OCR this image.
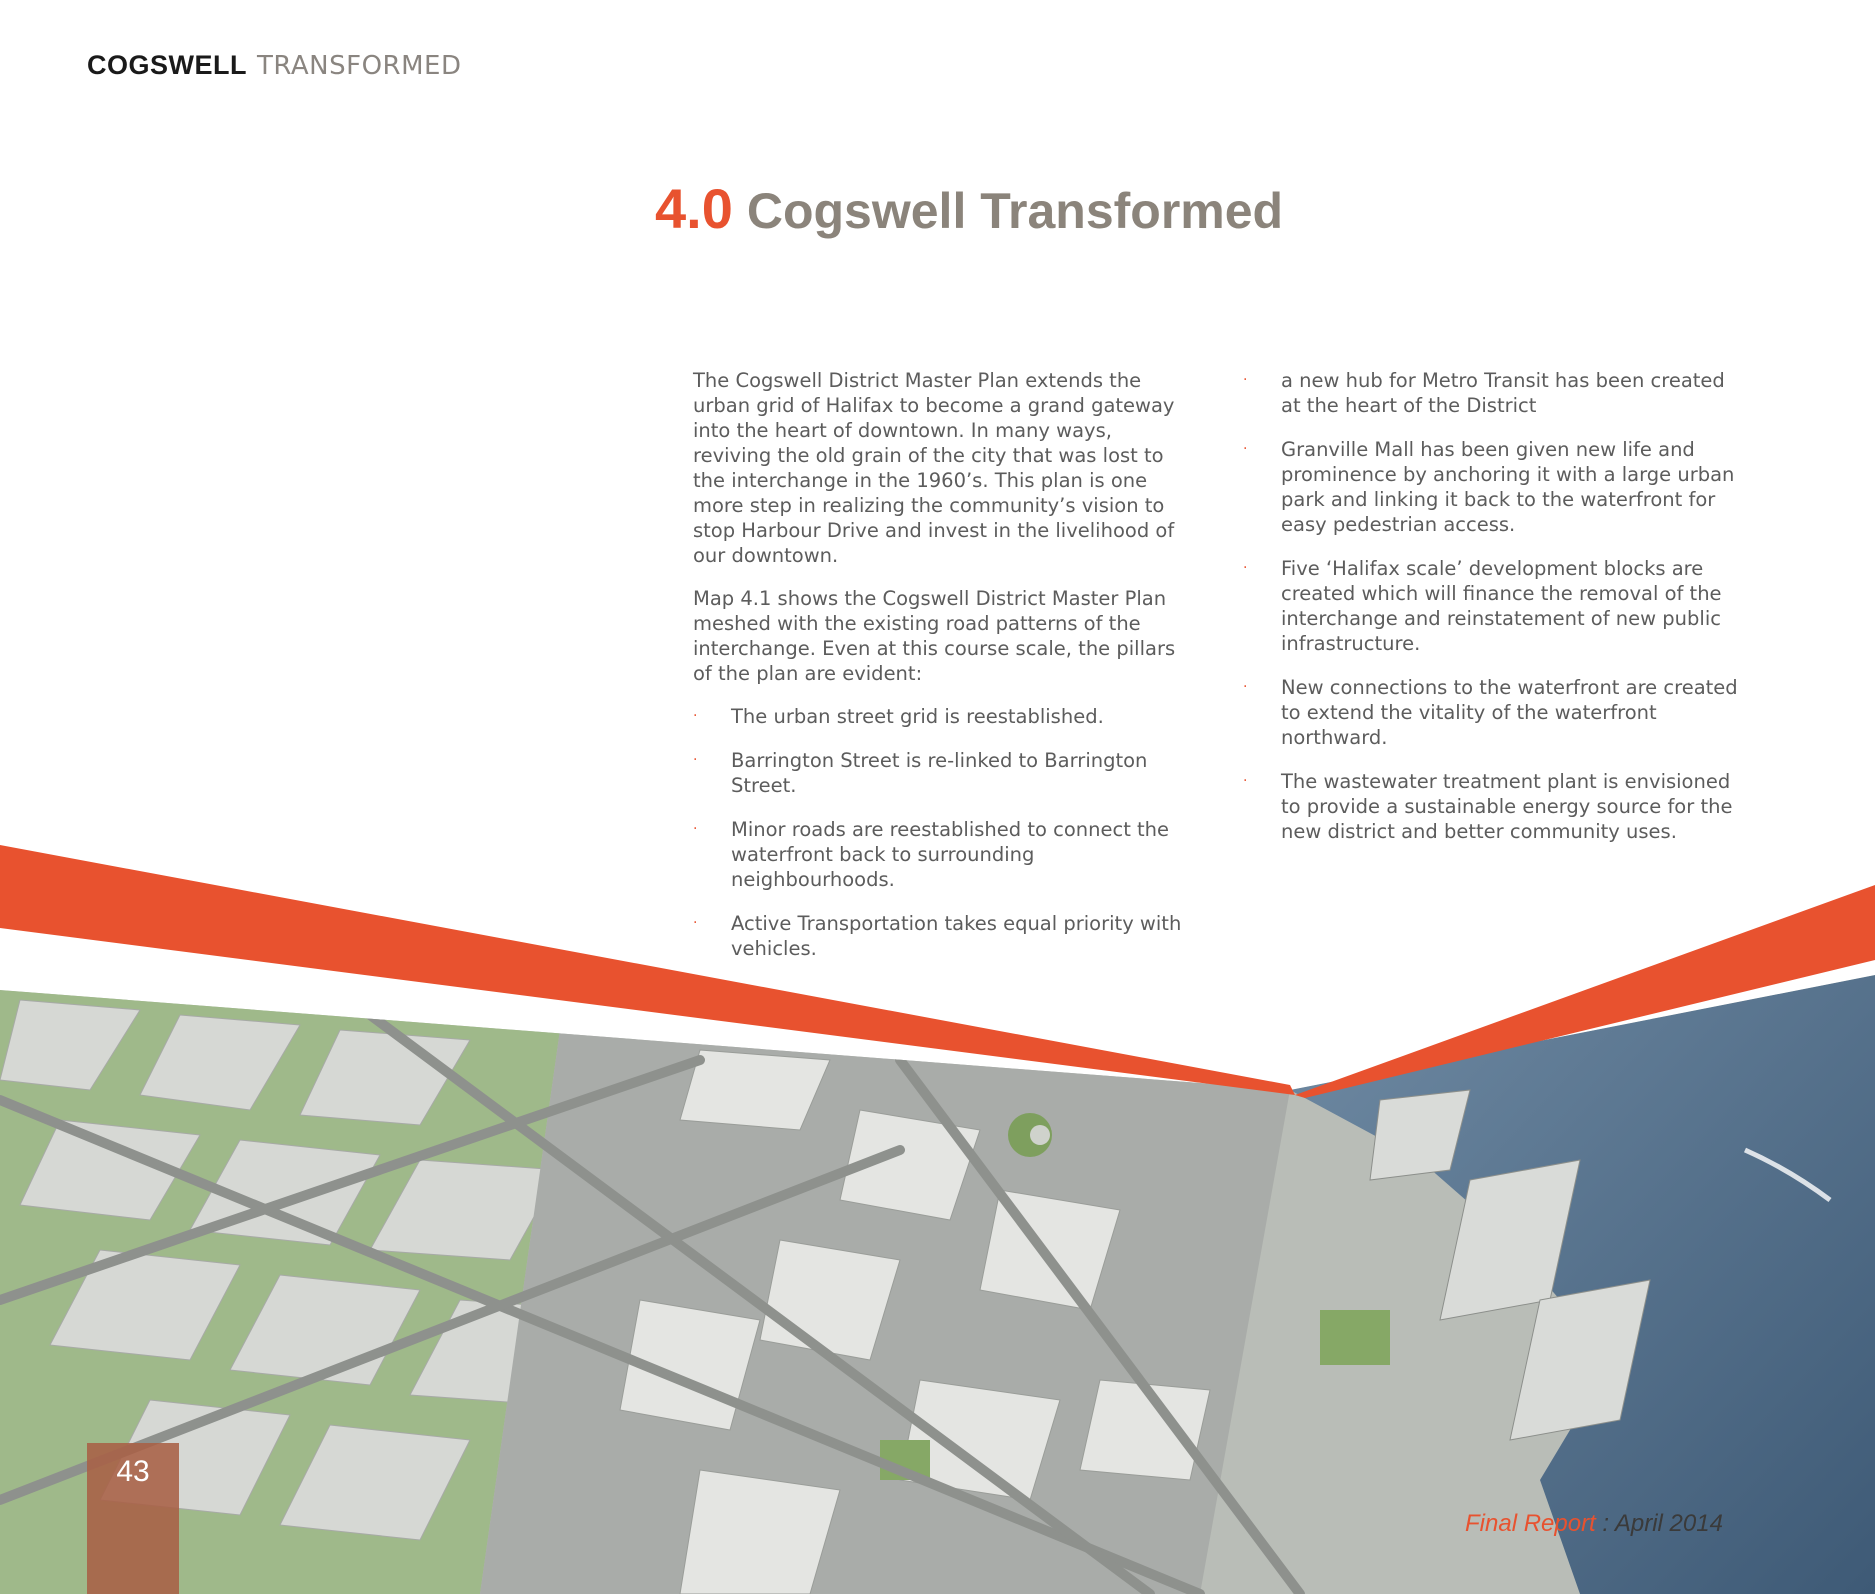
COGSWELL TRANSFORMED
4.0 Cogswell Transformed

The Cogswell District Master Plan extends the urban grid of Halifax to become a grand gateway into the heart of downtown. In many ways, reviving the old grain of the city that was lost to the interchange in the 1960’s. This plan is one more step in realizing the community’s vision to stop Harbour Drive and invest in the livelihood of our downtown.

Map 4.1 shows the Cogswell District Master Plan meshed with the existing road patterns of the interchange. Even at this course scale, the pillars of the plan are evident:

· The urban street grid is reestablished.
· Barrington Street is re-linked to Barrington Street.
· Minor roads are reestablished to connect the waterfront back to surrounding neighbourhoods.
· Active Transportation takes equal priority with vehicles.
· a new hub for Metro Transit has been created at the heart of the District
· Granville Mall has been given new life and prominence by anchoring it with a large urban park and linking it back to the waterfront for easy pedestrian access.
· Five ‘Halifax scale’ development blocks are created which will finance the removal of the interchange and reinstatement of new public infrastructure.
· New connections to the waterfront are created to extend the vitality of the waterfront northward.
· The wastewater treatment plant is envisioned to provide a sustainable energy source for the new district and better community uses.
43
Final Report : April 2014
